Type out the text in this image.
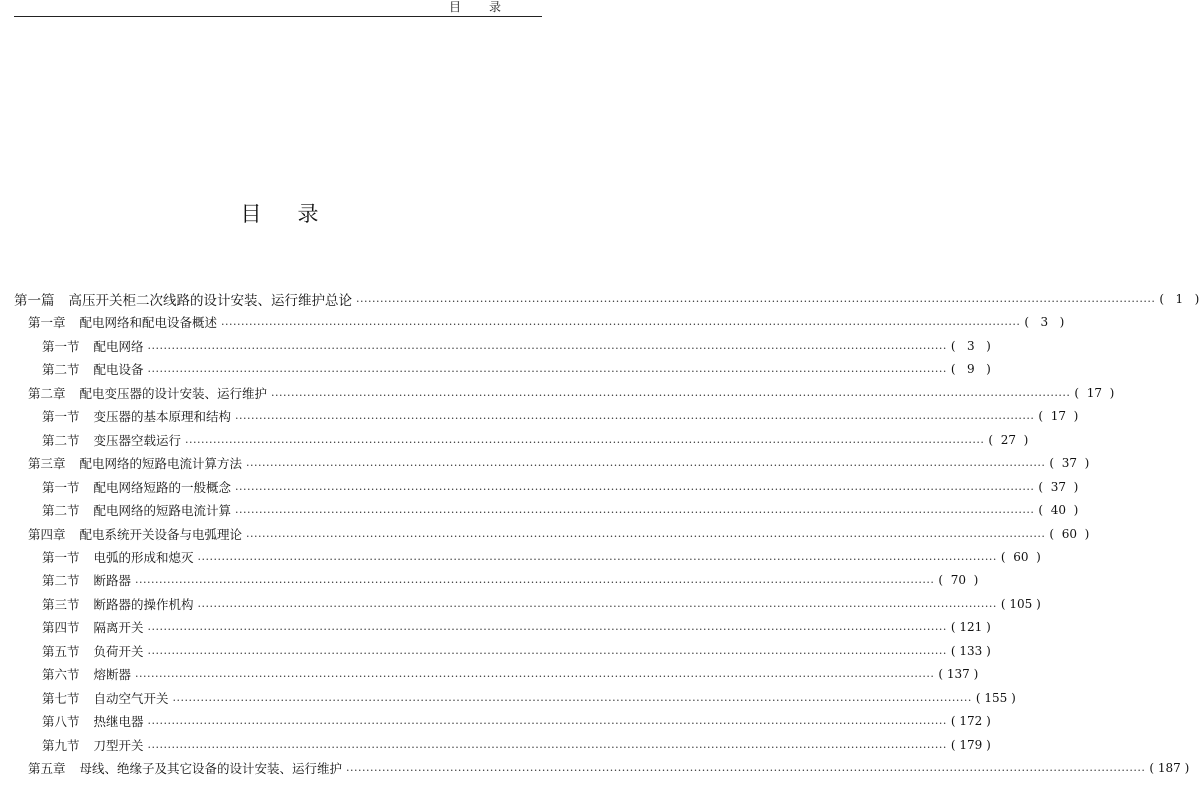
目录
目录
第一篇 高压开关柜二次线路的设计安装、运行维护总论 ........................................................................................................................................................................................................ ( 1 )
第一章 配电网络和配电设备概述 ........................................................................................................................................................................................................ ( 3 )
第一节 配电网络 ........................................................................................................................................................................................................ ( 3 )
第二节 配电设备 ........................................................................................................................................................................................................ ( 9 )
第二章 配电变压器的设计安装、运行维护 ........................................................................................................................................................................................................ ( 17 )
第一节 变压器的基本原理和结构 ........................................................................................................................................................................................................ ( 17 )
第二节 变压器空载运行 ........................................................................................................................................................................................................ ( 27 )
第三章 配电网络的短路电流计算方法 ........................................................................................................................................................................................................ ( 37 )
第一节 配电网络短路的一般概念 ........................................................................................................................................................................................................ ( 37 )
第二节 配电网络的短路电流计算 ........................................................................................................................................................................................................ ( 40 )
第四章 配电系统开关设备与电弧理论 ........................................................................................................................................................................................................ ( 60 )
第一节 电弧的形成和熄灭 ........................................................................................................................................................................................................ ( 60 )
第二节 断路器 ........................................................................................................................................................................................................ ( 70 )
第三节 断路器的操作机构 ........................................................................................................................................................................................................ ( 105 )
第四节 隔离开关 ........................................................................................................................................................................................................ ( 121 )
第五节 负荷开关 ........................................................................................................................................................................................................ ( 133 )
第六节 熔断器 ........................................................................................................................................................................................................ ( 137 )
第七节 自动空气开关 ........................................................................................................................................................................................................ ( 155 )
第八节 热继电器 ........................................................................................................................................................................................................ ( 172 )
第九节 刀型开关 ........................................................................................................................................................................................................ ( 179 )
第五章 母线、绝缘子及其它设备的设计安装、运行维护 ........................................................................................................................................................................................................ ( 187 )
